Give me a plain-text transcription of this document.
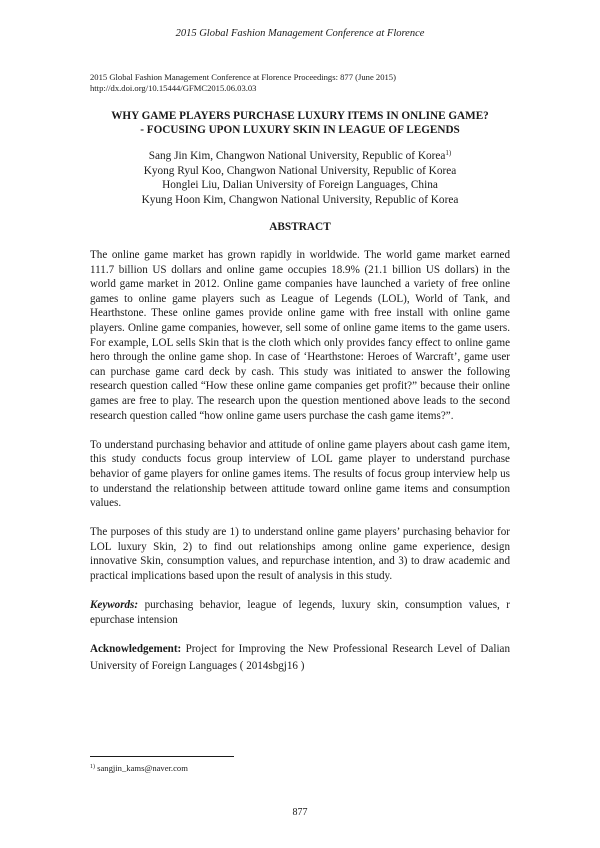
2015 Global Fashion Management Conference at Florence
2015 Global Fashion Management Conference at Florence Proceedings: 877 (June 2015)
http://dx.doi.org/10.15444/GFMC2015.06.03.03
WHY GAME PLAYERS PURCHASE LUXURY ITEMS IN ONLINE GAME?
- FOCUSING UPON LUXURY SKIN IN LEAGUE OF LEGENDS
Sang Jin Kim, Changwon National University, Republic of Korea$^{1)}$
Kyong Ryul Koo, Changwon National University, Republic of Korea
Honglei Liu, Dalian University of Foreign Languages, China
Kyung Hoon Kim, Changwon National University, Republic of Korea
ABSTRACT

The online game market has grown rapidly in worldwide. The world game market earned 111.7 billion US dollars and online game occupies 18.9% (21.1 billion US dollars) in the world game market in 2012. Online game companies have launched a variety of free online games to online game players such as League of Legends (LOL), World of Tank, and Hearthstone. These online games provide online game with free install with online game players. Online game companies, however, sell some of online game items to the game users. For example, LOL sells Skin that is the cloth which only provides fancy effect to online game hero through the online game shop. In case of ‘Hearthstone: Heroes of Warcraft’, game user can purchase game card deck by cash. This study was initiated to answer the following research question called “How these online game companies get profit?” because their online games are free to play. The research upon the question mentioned above leads to the second research question called “how online game users purchase the cash game items?”.

To understand purchasing behavior and attitude of online game players about cash game item, this study conducts focus group interview of LOL game player to understand purchase behavior of game players for online games items. The results of focus group interview help us to understand the relationship between attitude toward online game items and consumption values.

The purposes of this study are 1) to understand online game players’ purchasing behavior for LOL luxury Skin, 2) to find out relationships among online game experience, design innovative Skin, consumption values, and repurchase intention, and 3) to draw academic and practical implications based upon the result of analysis in this study.

Keywords: purchasing behavior, league of legends, luxury skin, consumption values, r epurchase intension
Acknowledgement: Project for Improving the New Professional Research Level of Dalian University of Foreign Languages ( 2014sbgj16 )
$^{1)}$ sangjin_kams@naver.com
877
